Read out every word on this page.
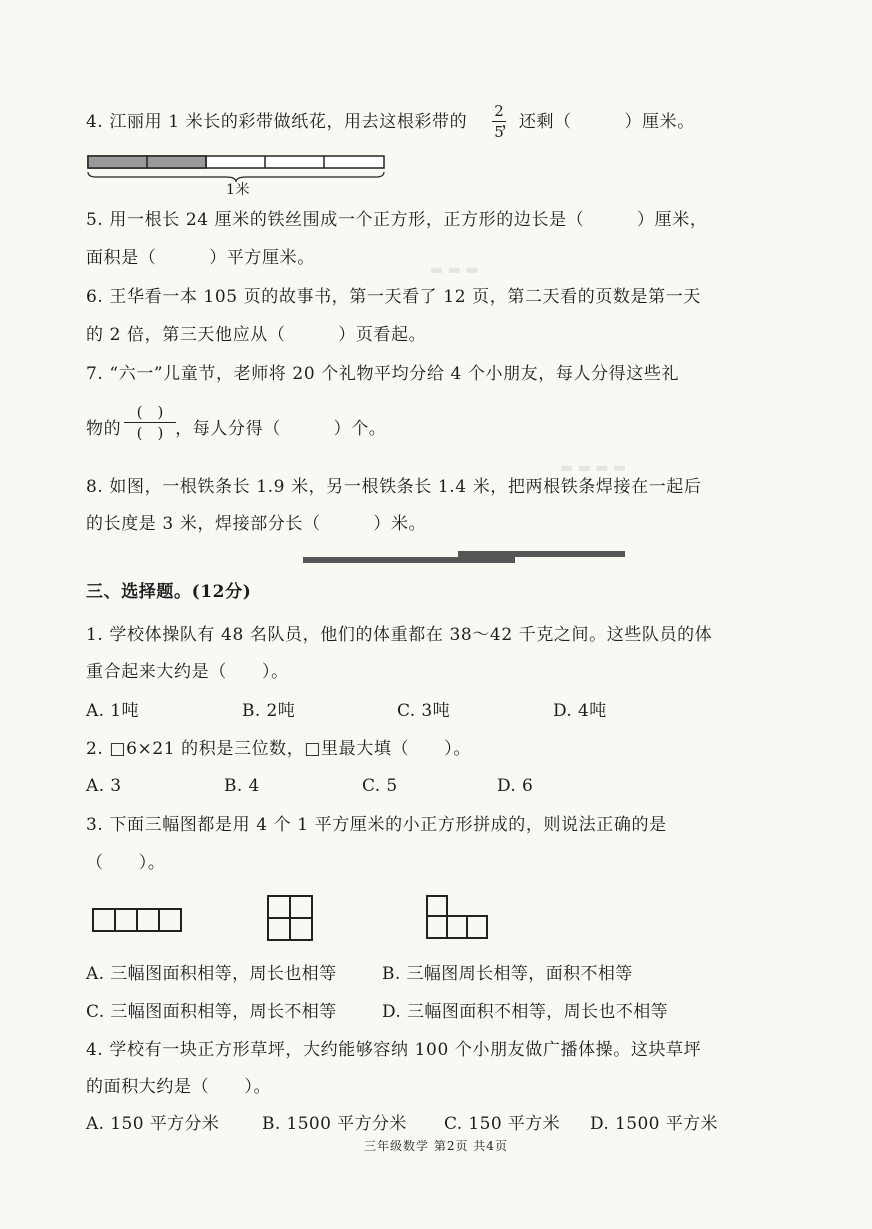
▬ ▬ ▬
▬ ▬ ▬ ▬
4. 江丽用 1 米长的彩带做纸花，用去这根彩带的 ，还剩（　　　）厘米。
2
5
1米
5. 用一根长 24 厘米的铁丝围成一个正方形，正方形的边长是（　　　）厘米，
面积是（　　　）平方厘米。
6. 王华看一本 105 页的故事书，第一天看了 12 页，第二天看的页数是第一天
的 2 倍，第三天他应从（　　　）页看起。
7. “六一”儿童节，老师将 20 个礼物平均分给 4 个小朋友，每人分得这些礼
物的	，每人分得（　　　）个。
(　)
(　)
8. 如图，一根铁条长 1.9 米，另一根铁条长 1.4 米，把两根铁条焊接在一起后
的长度是 3 米，焊接部分长（　　　）米。
三、选择题。(12分)
1. 学校体操队有 48 名队员，他们的体重都在 38～42 千克之间。这些队员的体
重合起来大约是（　　）。
A. 1吨	B. 2吨	C. 3吨	D. 4吨
2. □6×21 的积是三位数，□里最大填（　　）。
A. 3	B. 4	C. 5	D. 6
3. 下面三幅图都是用 4 个 1 平方厘米的小正方形拼成的，则说法正确的是
（　　）。
A. 三幅图面积相等，周长也相等	B. 三幅图周长相等，面积不相等
C. 三幅图面积相等，周长不相等	D. 三幅图面积不相等，周长也不相等
4. 学校有一块正方形草坪，大约能够容纳 100 个小朋友做广播体操。这块草坪
的面积大约是（　　）。
A. 150 平方分米	B. 1500 平方分米 C. 150 平方米 D. 1500 平方米
三年级数学 第2页 共4页
